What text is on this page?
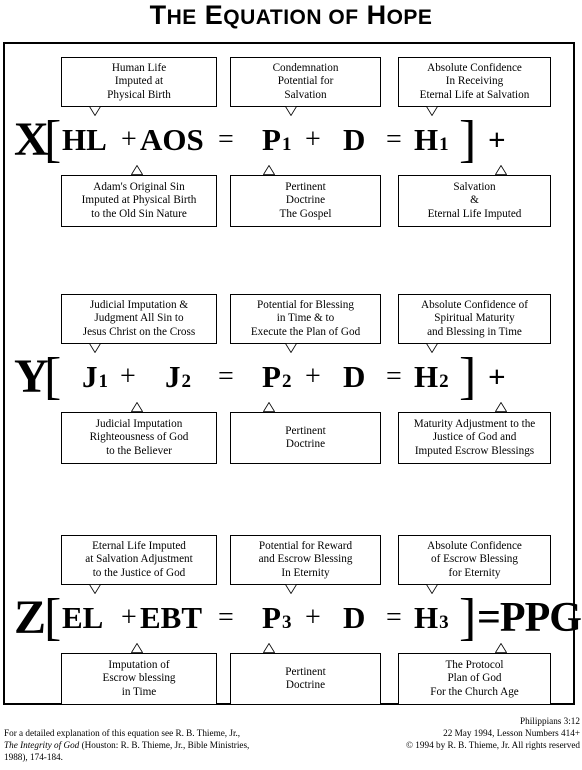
THE EQUATION OF HOPE
Human Life
Imputed at
Physical Birth
Condemnation
Potential for
Salvation
Absolute Confidence
In Receiving
Eternal Life at Salvation
Adam's Original Sin
Imputed at Physical Birth
to the Old Sin Nature
Pertinent
Doctrine
The Gospel
Salvation
&
Eternal Life Imputed
X
[ HL + AOS = P1 + D = H1 ] +
Judicial Imputation &
Judgment All Sin to
Jesus Christ on the Cross
Potential for Blessing
in Time & to
Execute the Plan of God
Absolute Confidence of
Spiritual Maturity
and Blessing in Time
Judicial Imputation
Righteousness of God
to the Believer
Pertinent
Doctrine
Maturity Adjustment to the
Justice of God and
Imputed Escrow Blessings
Y
[ J1 + J2 = P2 + D = H2 ] +
Eternal Life Imputed
at Salvation Adjustment
to the Justice of God
Potential for Reward
and Escrow Blessing
In Eternity
Absolute Confidence
of Escrow Blessing
for Eternity
Imputation of
Escrow blessing
in Time
Pertinent
Doctrine
The Protocol
Plan of God
For the Church Age
Z
[ EL + EBT = P3 + D = H3 ] =PPG
For a detailed explanation of this equation see R. B. Thieme, Jr.,
The Integrity of God (Houston: R. B. Thieme, Jr., Bible Ministries,
1988), 174-184.
Philippians 3:12
22 May 1994, Lesson Numbers 414+
© 1994 by R. B. Thieme, Jr. All rights reserved
